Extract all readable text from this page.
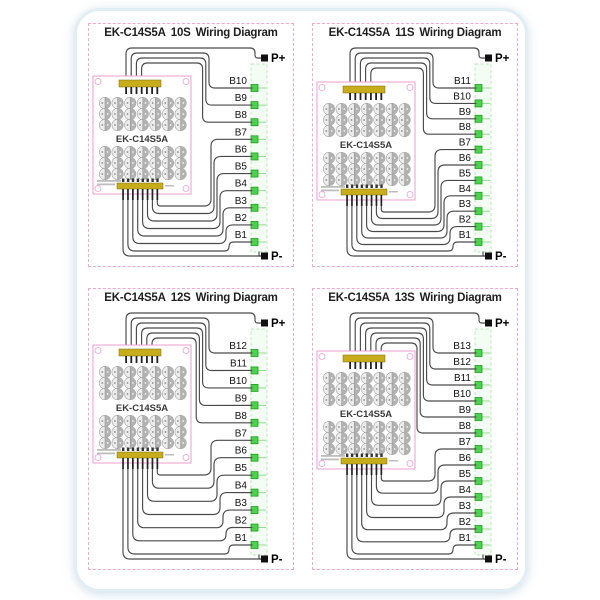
EK-C14S5A 10S Wiring Diagram
B10
B9
B8
B7
B6
B5
B4
B3
B2
B1
P+
P-
EK-C14S5A
EK-C14S5A 11S Wiring Diagram
B11
B10
B9
B8
B7
B6
B5
B4
B3
B2
B1
P+
P-
EK-C14S5A
EK-C14S5A 12S Wiring Diagram
B12
B11
B10
B9
B8
B7
B6
B5
B4
B3
B2
B1
P+
P-
EK-C14S5A
EK-C14S5A 13S Wiring Diagram
B13
B12
B11
B10
B9
B8
B7
B6
B5
B4
B3
B2
B1
P+
P-
EK-C14S5A
